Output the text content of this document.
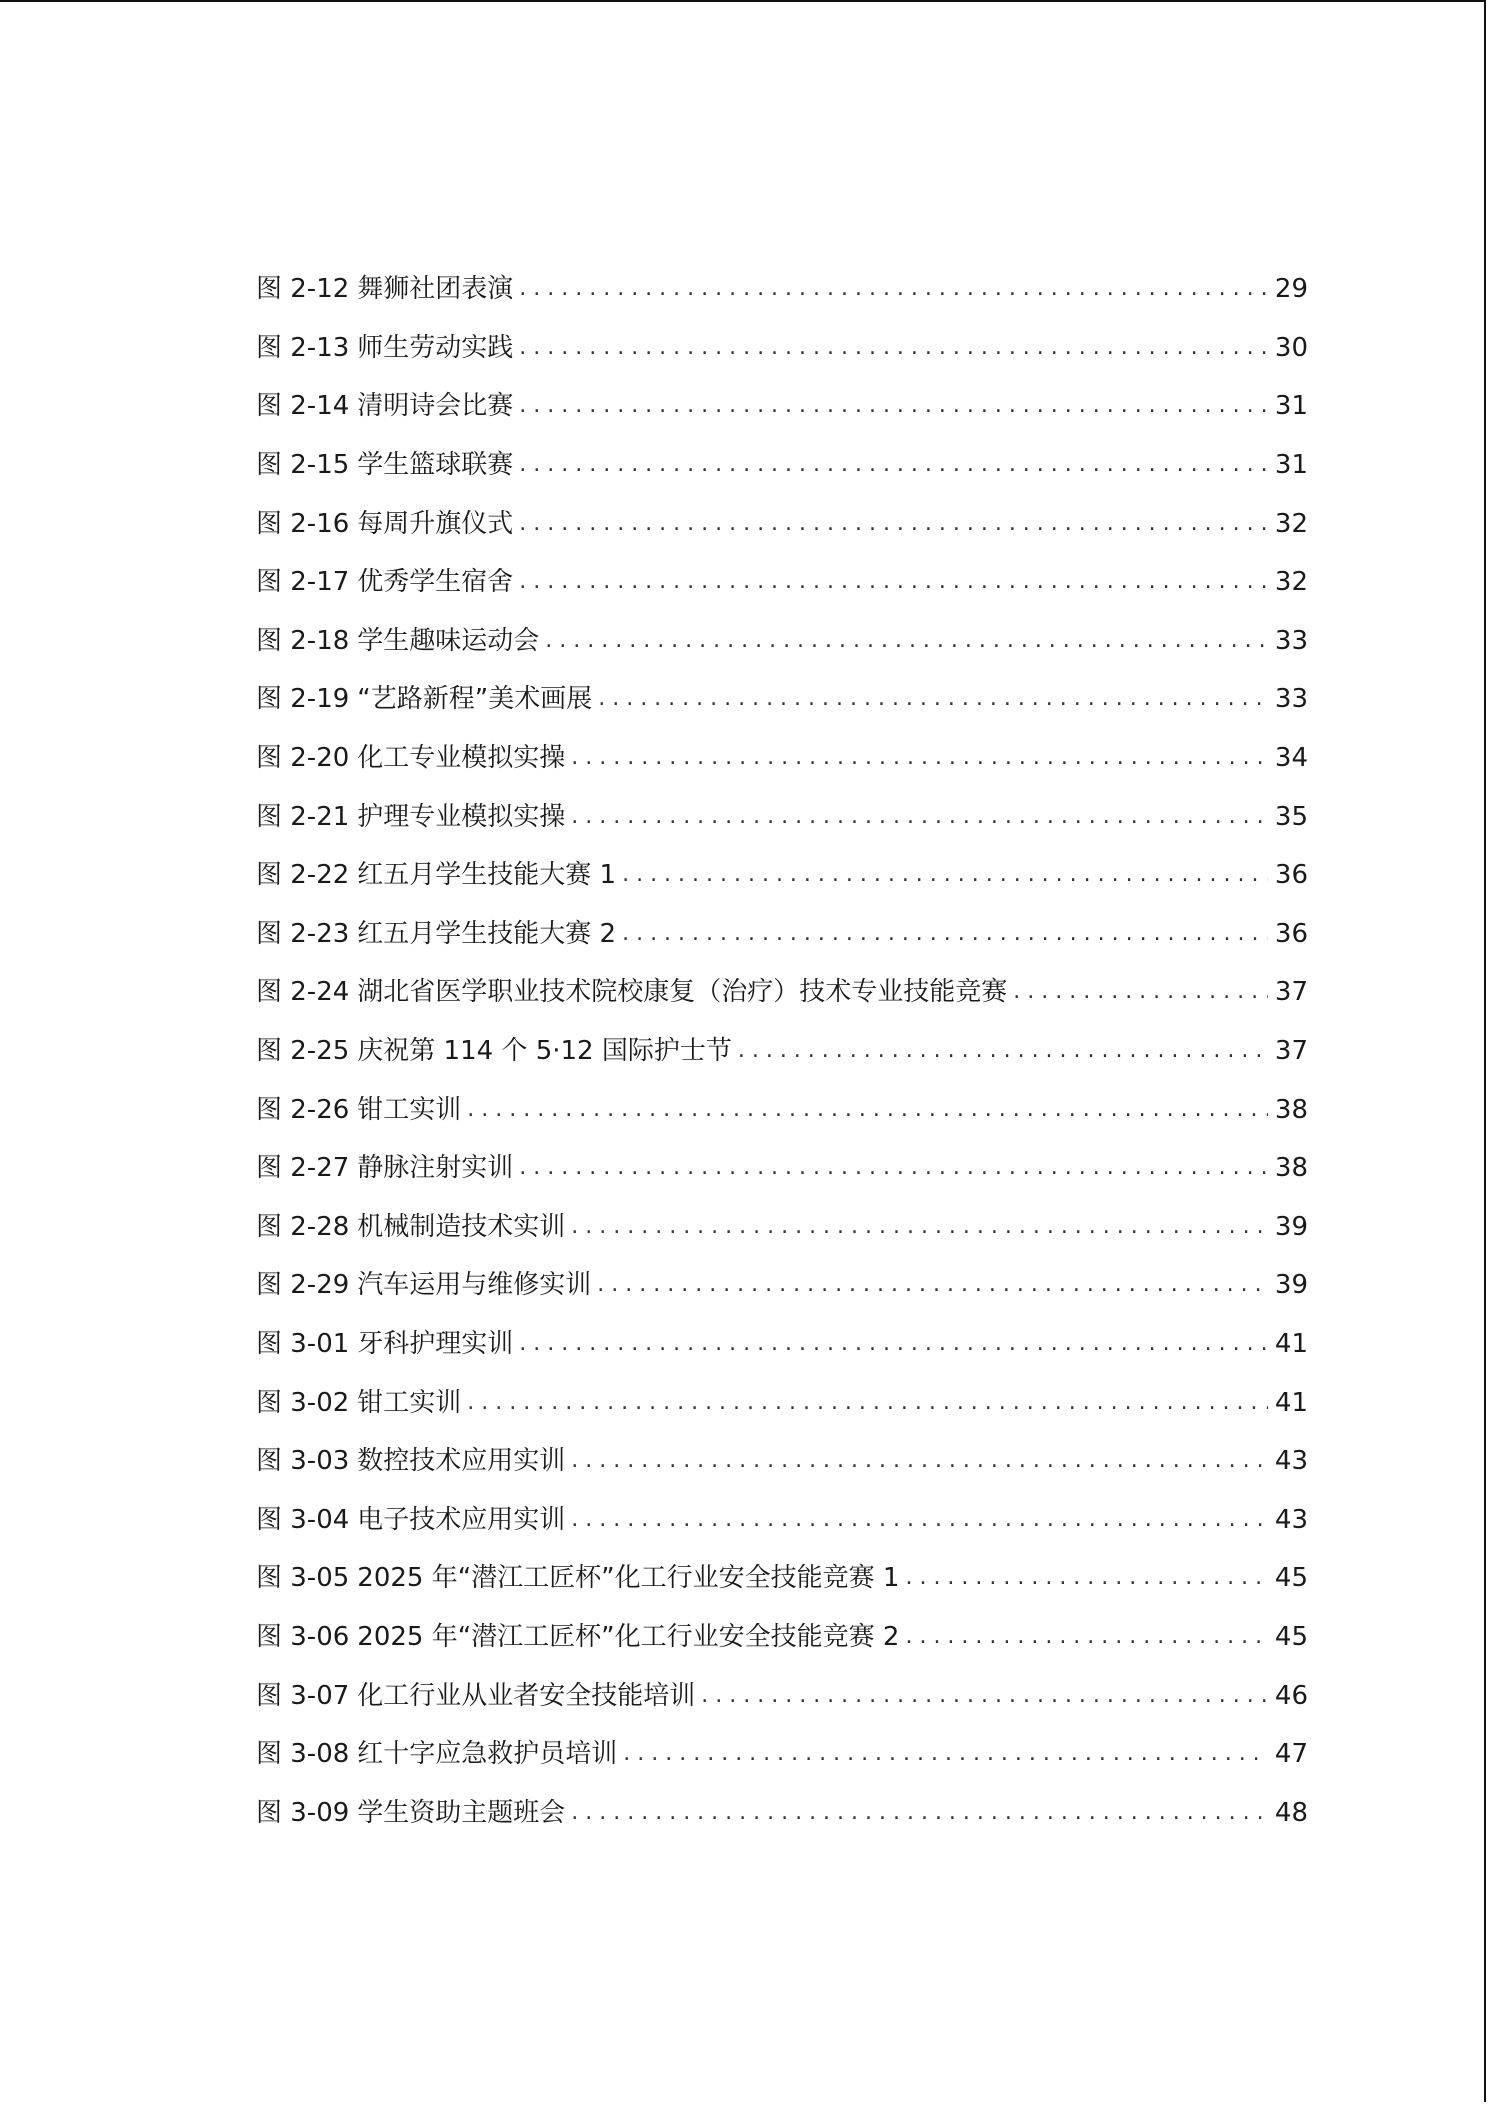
图 2-12 舞狮社团表演 . . .	29
图 2-13 师生劳动实践 . . .	30
图 2-14 清明诗会比赛 . . .	31
图 2-15 学生篮球联赛 . . .	31
图 2-16 每周升旗仪式 . . .	32
图 2-17 优秀学生宿舍 . . .	32
图 2-18 学生趣味运动会 . . .	33
图 2-19 “艺路新程”美术画展 . . .	33
图 2-20 化工专业模拟实操 . . .	34
图 2-21 护理专业模拟实操 . . .	35
图 2-22 红五月学生技能大赛 1 . . .	36
图 2-23 红五月学生技能大赛 2 . . .	36
图 2-24 湖北省医学职业技术院校康复（治疗）技术专业技能竞赛 . . .	37
图 2-25 庆祝第 114 个 5·12 国际护士节 . . .	37
图 2-26 钳工实训 . . .	38
图 2-27 静脉注射实训 . . .	38
图 2-28 机械制造技术实训 . . .	39
图 2-29 汽车运用与维修实训 . . .	39
图 3-01 牙科护理实训 . . .	41
图 3-02 钳工实训 . . .	41
图 3-03 数控技术应用实训 . . .	43
图 3-04 电子技术应用实训 . . .	43
图 3-05 2025 年“潜江工匠杯”化工行业安全技能竞赛 1 . . .	45
图 3-06 2025 年“潜江工匠杯”化工行业安全技能竞赛 2 . . .	45
图 3-07 化工行业从业者安全技能培训 . . .	46
图 3-08 红十字应急救护员培训 . . .	47
图 3-09 学生资助主题班会 . . .	48
